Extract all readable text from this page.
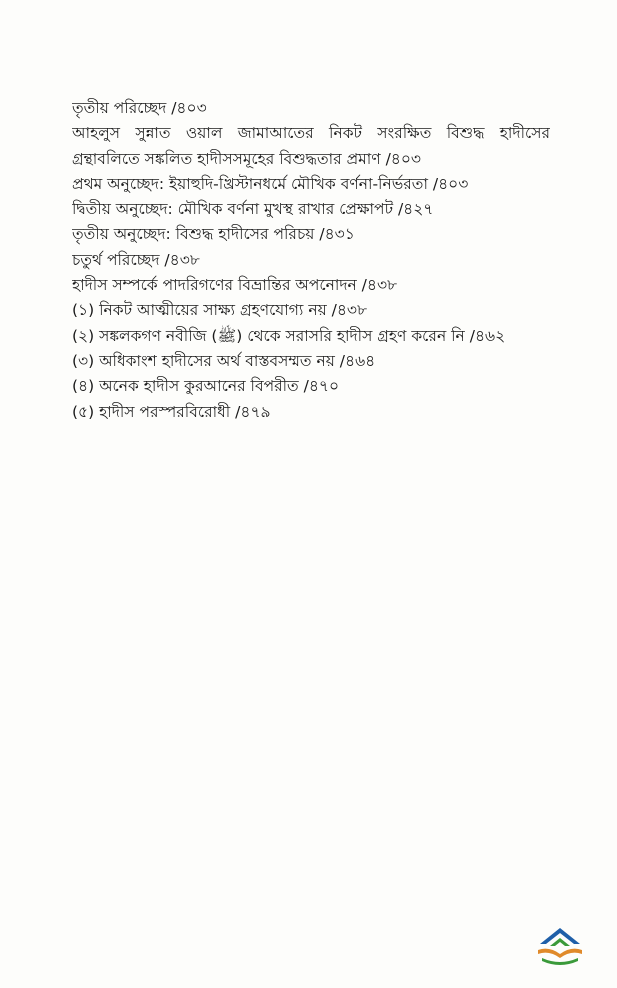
তৃতীয় পরিচ্ছেদ /৪০৩
আহলুস সুন্নাত ওয়াল জামাআতের নিকট সংরক্ষিত বিশুদ্ধ হাদীসের
গ্রন্থাবলিতে সঙ্কলিত হাদীসসমূহের বিশুদ্ধতার প্রমাণ /৪০৩
প্রথম অনুচ্ছেদ: ইয়াহুদি-খ্রিস্টানধর্মে মৌখিক বর্ণনা-নির্ভরতা /৪০৩
দ্বিতীয় অনুচ্ছেদ: মৌখিক বর্ণনা মুখস্থ রাখার প্রেক্ষাপট /৪২৭
তৃতীয় অনুচ্ছেদ: বিশুদ্ধ হাদীসের পরিচয় /৪৩১
চতুর্থ পরিচ্ছেদ /৪৩৮
হাদীস সম্পর্কে পাদরিগণের বিভ্রান্তির অপনোদন /৪৩৮
(১) নিকট আত্মীয়ের সাক্ষ্য গ্রহণযোগ্য নয় /৪৩৮
(২) সঙ্কলকগণ নবীজি (ﷺ) থেকে সরাসরি হাদীস গ্রহণ করেন নি /৪৬২
(৩) অধিকাংশ হাদীসের অর্থ বাস্তবসম্মত নয় /৪৬৪
(৪) অনেক হাদীস কুরআনের বিপরীত /৪৭০
(৫) হাদীস পরস্পরবিরোধী /৪৭৯
